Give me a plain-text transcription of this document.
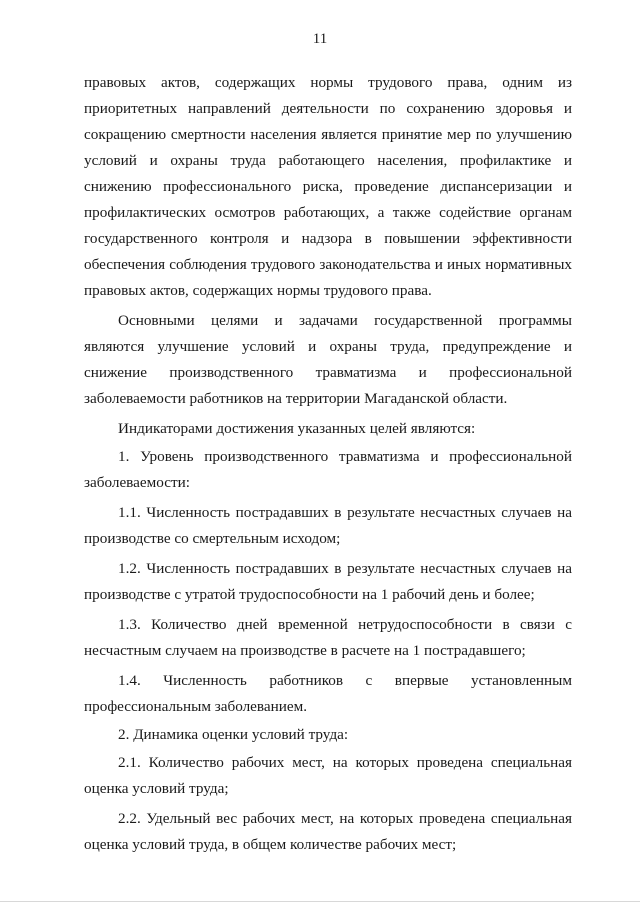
11

правовых актов, содержащих нормы трудового права, одним из приоритетных направлений деятельности по сохранению здоровья и сокращению смертности населения является принятие мер по улучшению условий и охраны труда работающего населения, профилактике и снижению профессионального риска, проведение диспансеризации и профилактических осмотров работающих, а также содействие органам государственного контроля и надзора в повышении эффективности обеспечения соблюдения трудового законодательства и иных нормативных правовых актов, содержащих нормы трудового права.

Основными целями и задачами государственной программы являются улучшение условий и охраны труда, предупреждение и снижение производственного травматизма и профессиональной заболеваемости работников на территории Магаданской области.

Индикаторами достижения указанных целей являются:

1. Уровень производственного травматизма и профессиональной заболеваемости:

1.1. Численность пострадавших в результате несчастных случаев на производстве со смертельным исходом;

1.2. Численность пострадавших в результате несчастных случаев на производстве с утратой трудоспособности на 1 рабочий день и более;

1.3. Количество дней временной нетрудоспособности в связи с несчастным случаем на производстве в расчете на 1 пострадавшего;

1.4. Численность работников с впервые установленным профессиональным заболеванием.

2. Динамика оценки условий труда:

2.1. Количество рабочих мест, на которых проведена специальная оценка условий труда;

2.2. Удельный вес рабочих мест, на которых проведена специальная оценка условий труда, в общем количестве рабочих мест;
